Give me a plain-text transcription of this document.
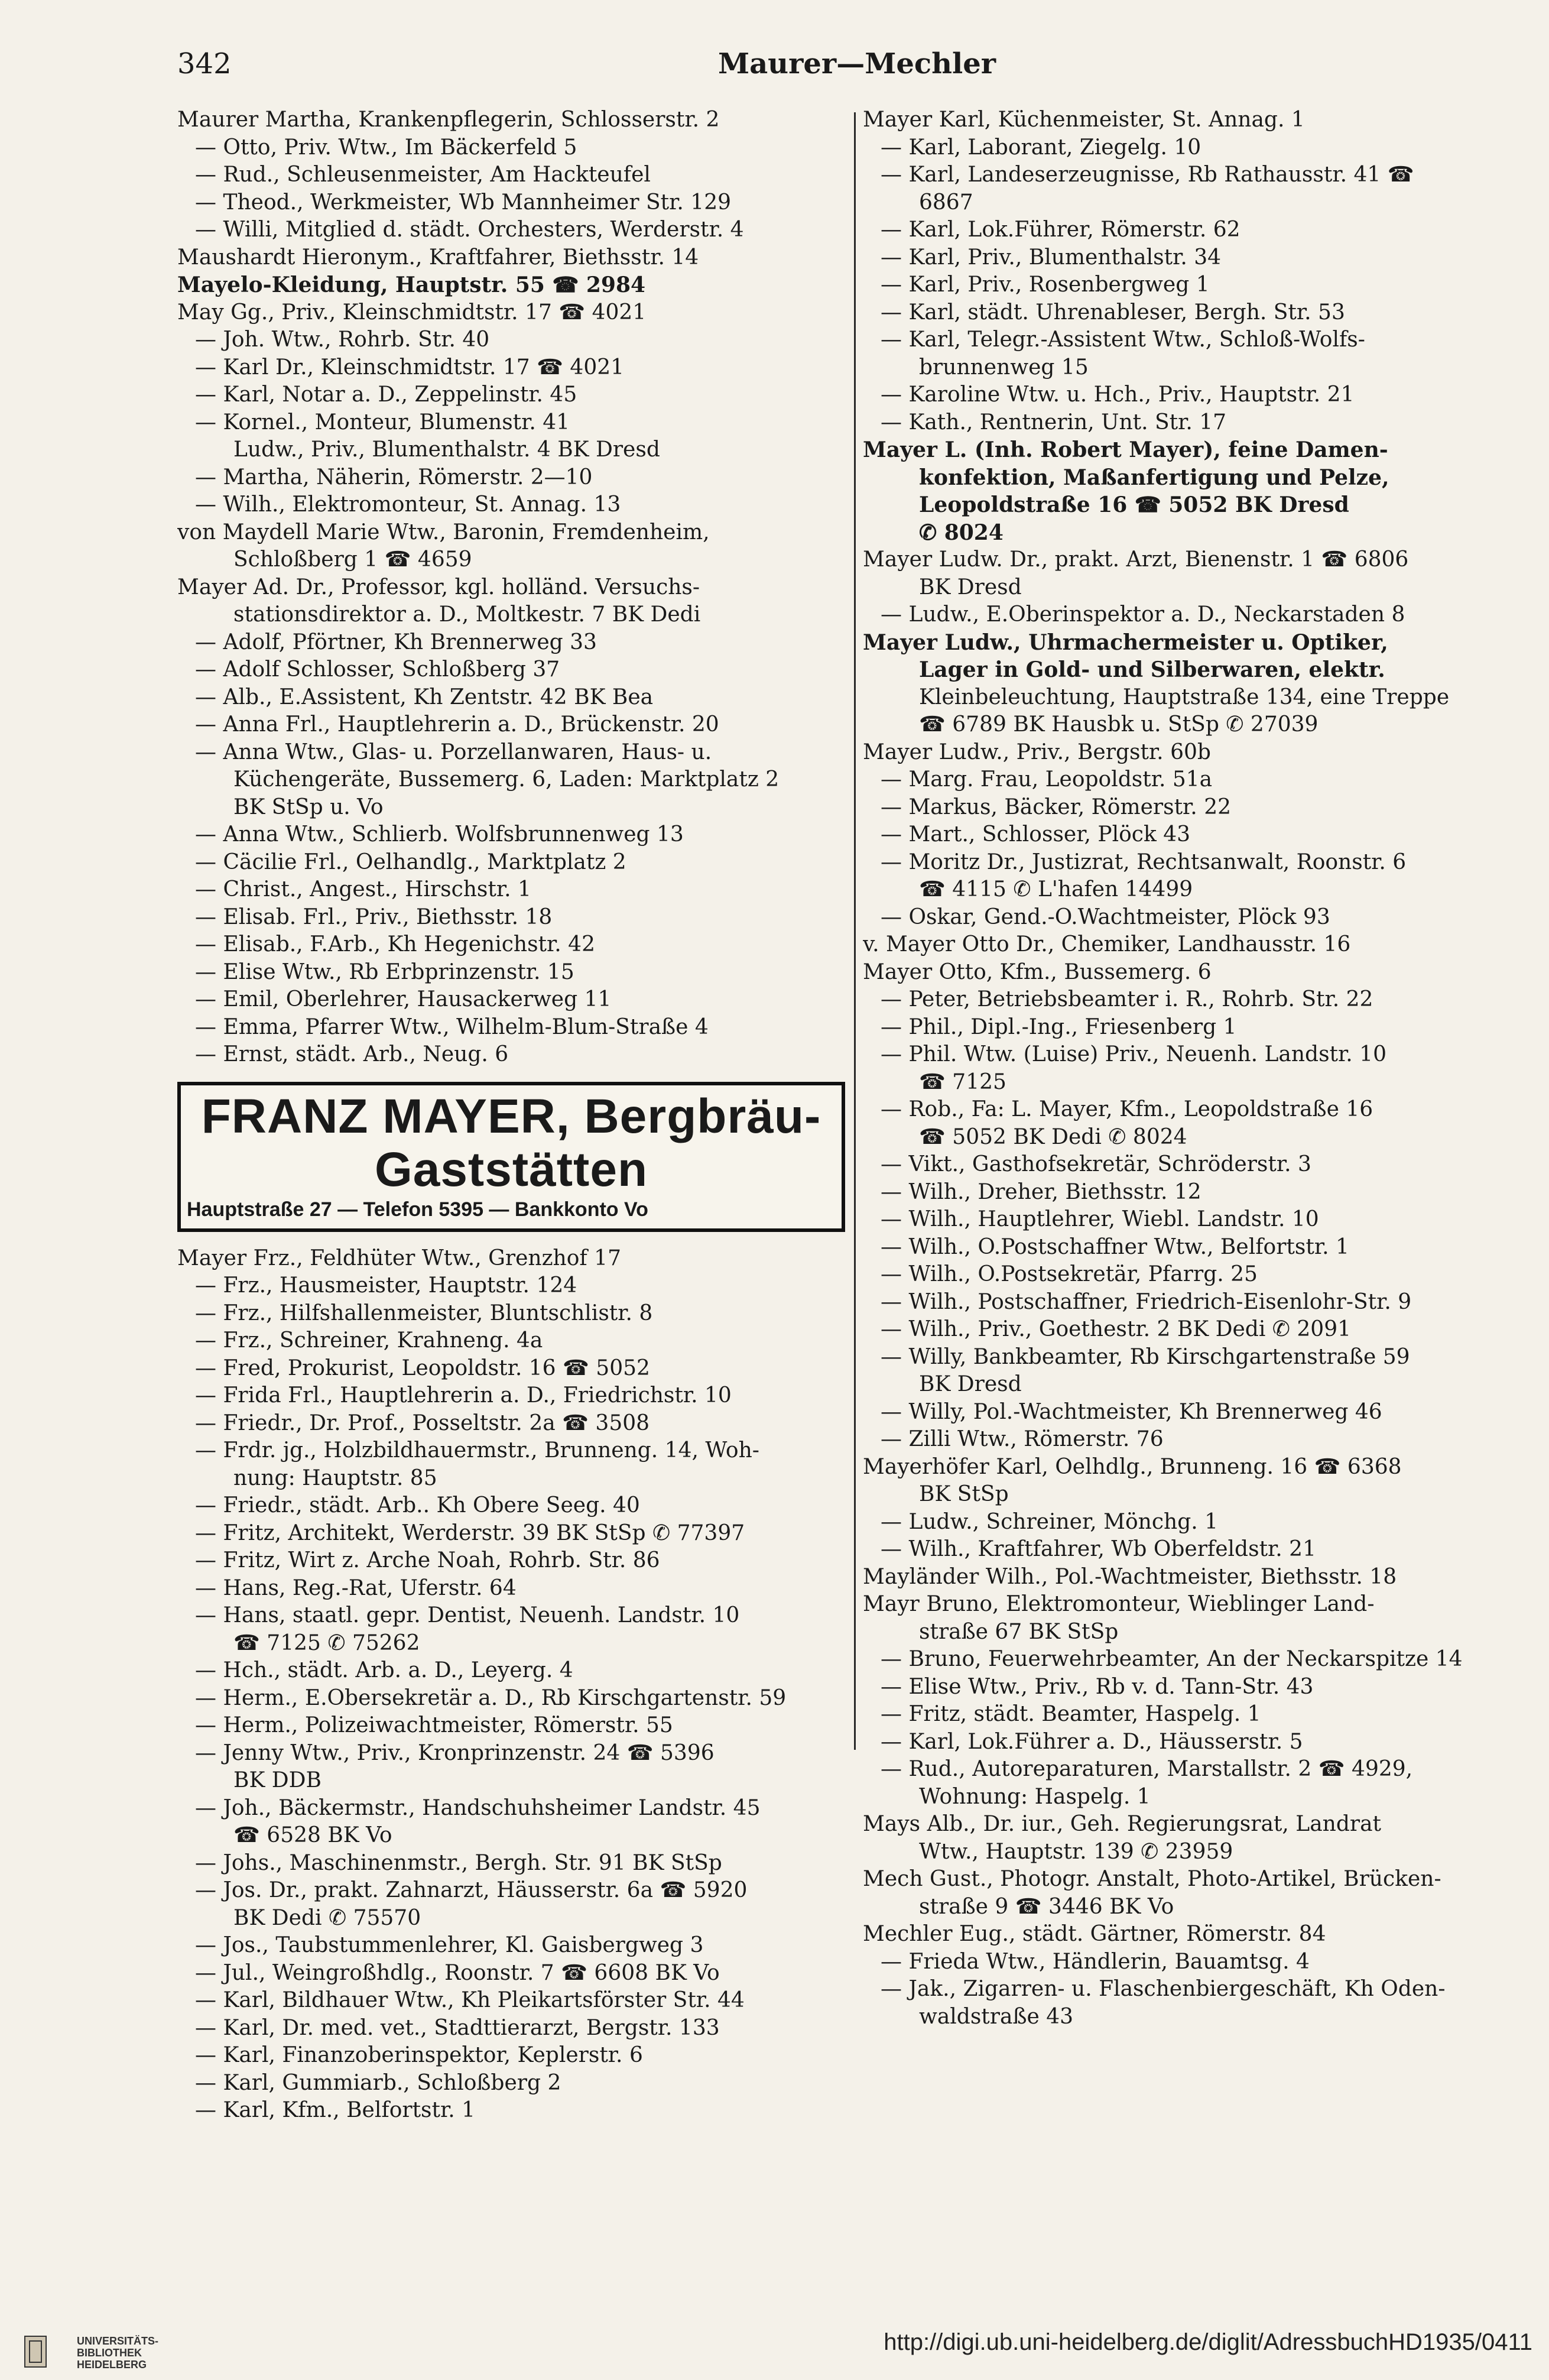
342	Maurer—Mechler
Maurer Martha, Krankenpflegerin, Schlosserstr. 2
— Otto, Priv. Wtw., Im Bäckerfeld 5
— Rud., Schleusenmeister, Am Hackteufel
— Theod., Werkmeister, Wb Mannheimer Str. 129
— Willi, Mitglied d. städt. Orchesters, Werderstr. 4
Maushardt Hieronym., Kraftfahrer, Biethsstr. 14
Mayelo-Kleidung, Hauptstr. 55 ☎ 2984
May Gg., Priv., Kleinschmidtstr. 17 ☎ 4021
— Joh. Wtw., Rohrb. Str. 40
— Karl Dr., Kleinschmidtstr. 17 ☎ 4021
— Karl, Notar a. D., Zeppelinstr. 45
— Kornel., Monteur, Blumenstr. 41
Ludw., Priv., Blumenthalstr. 4 BK Dresd
— Martha, Näherin, Römerstr. 2—10
— Wilh., Elektromonteur, St. Annag. 13
von Maydell Marie Wtw., Baronin, Fremdenheim,
Schloßberg 1 ☎ 4659
Mayer Ad. Dr., Professor, kgl. holländ. Versuchs-
stationsdirektor a. D., Moltkestr. 7 BK Dedi
— Adolf, Pförtner, Kh Brennerweg 33
— Adolf Schlosser, Schloßberg 37
— Alb., E.Assistent, Kh Zentstr. 42 BK Bea
— Anna Frl., Hauptlehrerin a. D., Brückenstr. 20
— Anna Wtw., Glas- u. Porzellanwaren, Haus- u.
Küchengeräte, Bussemerg. 6, Laden: Marktplatz 2
BK StSp u. Vo
— Anna Wtw., Schlierb. Wolfsbrunnenweg 13
— Cäcilie Frl., Oelhandlg., Marktplatz 2
— Christ., Angest., Hirschstr. 1
— Elisab. Frl., Priv., Biethsstr. 18
— Elisab., F.Arb., Kh Hegenichstr. 42
— Elise Wtw., Rb Erbprinzenstr. 15
— Emil, Oberlehrer, Hausackerweg 11
— Emma, Pfarrer Wtw., Wilhelm-Blum-Straße 4
— Ernst, städt. Arb., Neug. 6
FRANZ MAYER, Bergbräu-Gaststätten
Hauptstraße 27 — Telefon 5395 — Bankkonto Vo
Mayer Frz., Feldhüter Wtw., Grenzhof 17
— Frz., Hausmeister, Hauptstr. 124
— Frz., Hilfshallenmeister, Bluntschlistr. 8
— Frz., Schreiner, Krahneng. 4a
— Fred, Prokurist, Leopoldstr. 16 ☎ 5052
— Frida Frl., Hauptlehrerin a. D., Friedrichstr. 10
— Friedr., Dr. Prof., Posseltstr. 2a ☎ 3508
— Frdr. jg., Holzbildhauermstr., Brunneng. 14, Woh-
nung: Hauptstr. 85
— Friedr., städt. Arb.. Kh Obere Seeg. 40
— Fritz, Architekt, Werderstr. 39 BK StSp ✆ 77397
— Fritz, Wirt z. Arche Noah, Rohrb. Str. 86
— Hans, Reg.-Rat, Uferstr. 64
— Hans, staatl. gepr. Dentist, Neuenh. Landstr. 10
☎ 7125 ✆ 75262
— Hch., städt. Arb. a. D., Leyerg. 4
— Herm., E.Obersekretär a. D., Rb Kirschgartenstr. 59
— Herm., Polizeiwachtmeister, Römerstr. 55
— Jenny Wtw., Priv., Kronprinzenstr. 24 ☎ 5396
BK DDB
— Joh., Bäckermstr., Handschuhsheimer Landstr. 45
☎ 6528 BK Vo
— Johs., Maschinenmstr., Bergh. Str. 91 BK StSp
— Jos. Dr., prakt. Zahnarzt, Häusserstr. 6a ☎ 5920
BK Dedi ✆ 75570
— Jos., Taubstummenlehrer, Kl. Gaisbergweg 3
— Jul., Weingroßhdlg., Roonstr. 7 ☎ 6608 BK Vo
— Karl, Bildhauer Wtw., Kh Pleikartsförster Str. 44
— Karl, Dr. med. vet., Stadttierarzt, Bergstr. 133
— Karl, Finanzoberinspektor, Keplerstr. 6
— Karl, Gummiarb., Schloßberg 2
— Karl, Kfm., Belfortstr. 1
Mayer Karl, Küchenmeister, St. Annag. 1
— Karl, Laborant, Ziegelg. 10
— Karl, Landeserzeugnisse, Rb Rathausstr. 41 ☎
6867
— Karl, Lok.Führer, Römerstr. 62
— Karl, Priv., Blumenthalstr. 34
— Karl, Priv., Rosenbergweg 1
— Karl, städt. Uhrenableser, Bergh. Str. 53
— Karl, Telegr.-Assistent Wtw., Schloß-Wolfs-
brunnenweg 15
— Karoline Wtw. u. Hch., Priv., Hauptstr. 21
— Kath., Rentnerin, Unt. Str. 17
Mayer L. (Inh. Robert Mayer), feine Damen-
konfektion, Maßanfertigung und Pelze,
Leopoldstraße 16 ☎ 5052 BK Dresd
✆ 8024
Mayer Ludw. Dr., prakt. Arzt, Bienenstr. 1 ☎ 6806
BK Dresd
— Ludw., E.Oberinspektor a. D., Neckarstaden 8
Mayer Ludw., Uhrmachermeister u. Optiker,
Lager in Gold- und Silberwaren, elektr.
Kleinbeleuchtung, Hauptstraße 134, eine Treppe
☎ 6789 BK Hausbk u. StSp ✆ 27039
Mayer Ludw., Priv., Bergstr. 60b
— Marg. Frau, Leopoldstr. 51a
— Markus, Bäcker, Römerstr. 22
— Mart., Schlosser, Plöck 43
— Moritz Dr., Justizrat, Rechtsanwalt, Roonstr. 6
☎ 4115 ✆ L'hafen 14499
— Oskar, Gend.-O.Wachtmeister, Plöck 93
v. Mayer Otto Dr., Chemiker, Landhausstr. 16
Mayer Otto, Kfm., Bussemerg. 6
— Peter, Betriebsbeamter i. R., Rohrb. Str. 22
— Phil., Dipl.-Ing., Friesenberg 1
— Phil. Wtw. (Luise) Priv., Neuenh. Landstr. 10
☎ 7125
— Rob., Fa: L. Mayer, Kfm., Leopoldstraße 16
☎ 5052 BK Dedi ✆ 8024
— Vikt., Gasthofsekretär, Schröderstr. 3
— Wilh., Dreher, Biethsstr. 12
— Wilh., Hauptlehrer, Wiebl. Landstr. 10
— Wilh., O.Postschaffner Wtw., Belfortstr. 1
— Wilh., O.Postsekretär, Pfarrg. 25
— Wilh., Postschaffner, Friedrich-Eisenlohr-Str. 9
— Wilh., Priv., Goethestr. 2 BK Dedi ✆ 2091
— Willy, Bankbeamter, Rb Kirschgartenstraße 59
BK Dresd
— Willy, Pol.-Wachtmeister, Kh Brennerweg 46
— Zilli Wtw., Römerstr. 76
Mayerhöfer Karl, Oelhdlg., Brunneng. 16 ☎ 6368
BK StSp
— Ludw., Schreiner, Mönchg. 1
— Wilh., Kraftfahrer, Wb Oberfeldstr. 21
Mayländer Wilh., Pol.-Wachtmeister, Biethsstr. 18
Mayr Bruno, Elektromonteur, Wieblinger Land-
straße 67 BK StSp
— Bruno, Feuerwehrbeamter, An der Neckarspitze 14
— Elise Wtw., Priv., Rb v. d. Tann-Str. 43
— Fritz, städt. Beamter, Haspelg. 1
— Karl, Lok.Führer a. D., Häusserstr. 5
— Rud., Autoreparaturen, Marstallstr. 2 ☎ 4929,
Wohnung: Haspelg. 1
Mays Alb., Dr. iur., Geh. Regierungsrat, Landrat
Wtw., Hauptstr. 139 ✆ 23959
Mech Gust., Photogr. Anstalt, Photo-Artikel, Brücken-
straße 9 ☎ 3446 BK Vo
Mechler Eug., städt. Gärtner, Römerstr. 84
— Frieda Wtw., Händlerin, Bauamtsg. 4
— Jak., Zigarren- u. Flaschenbiergeschäft, Kh Oden-
waldstraße 43
UNIVERSITÄTS-
BIBLIOTHEK
HEIDELBERG
http://digi.ub.uni-heidelberg.de/diglit/AdressbuchHD1935/0411
